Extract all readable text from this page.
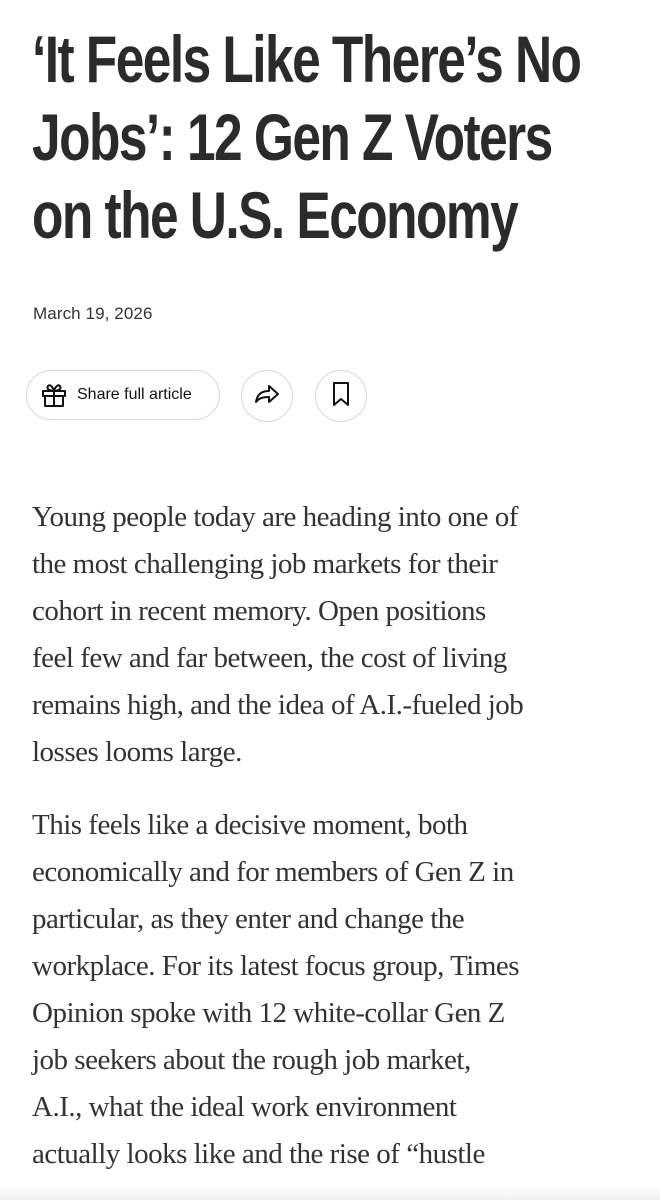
‘It Feels Like There’s No
Jobs’: 12 Gen Z Voters
on the U.S. Economy

March 19, 2026

Share full article

Young people today are heading into one of
the most challenging job markets for their
cohort in recent memory. Open positions
feel few and far between, the cost of living
remains high, and the idea of A.I.-fueled job
losses looms large.

This feels like a decisive moment, both
economically and for members of Gen Z in
particular, as they enter and change the
workplace. For its latest focus group, Times
Opinion spoke with 12 white-collar Gen Z
job seekers about the rough job market,
A.I., what the ideal work environment
actually looks like and the rise of “hustle
